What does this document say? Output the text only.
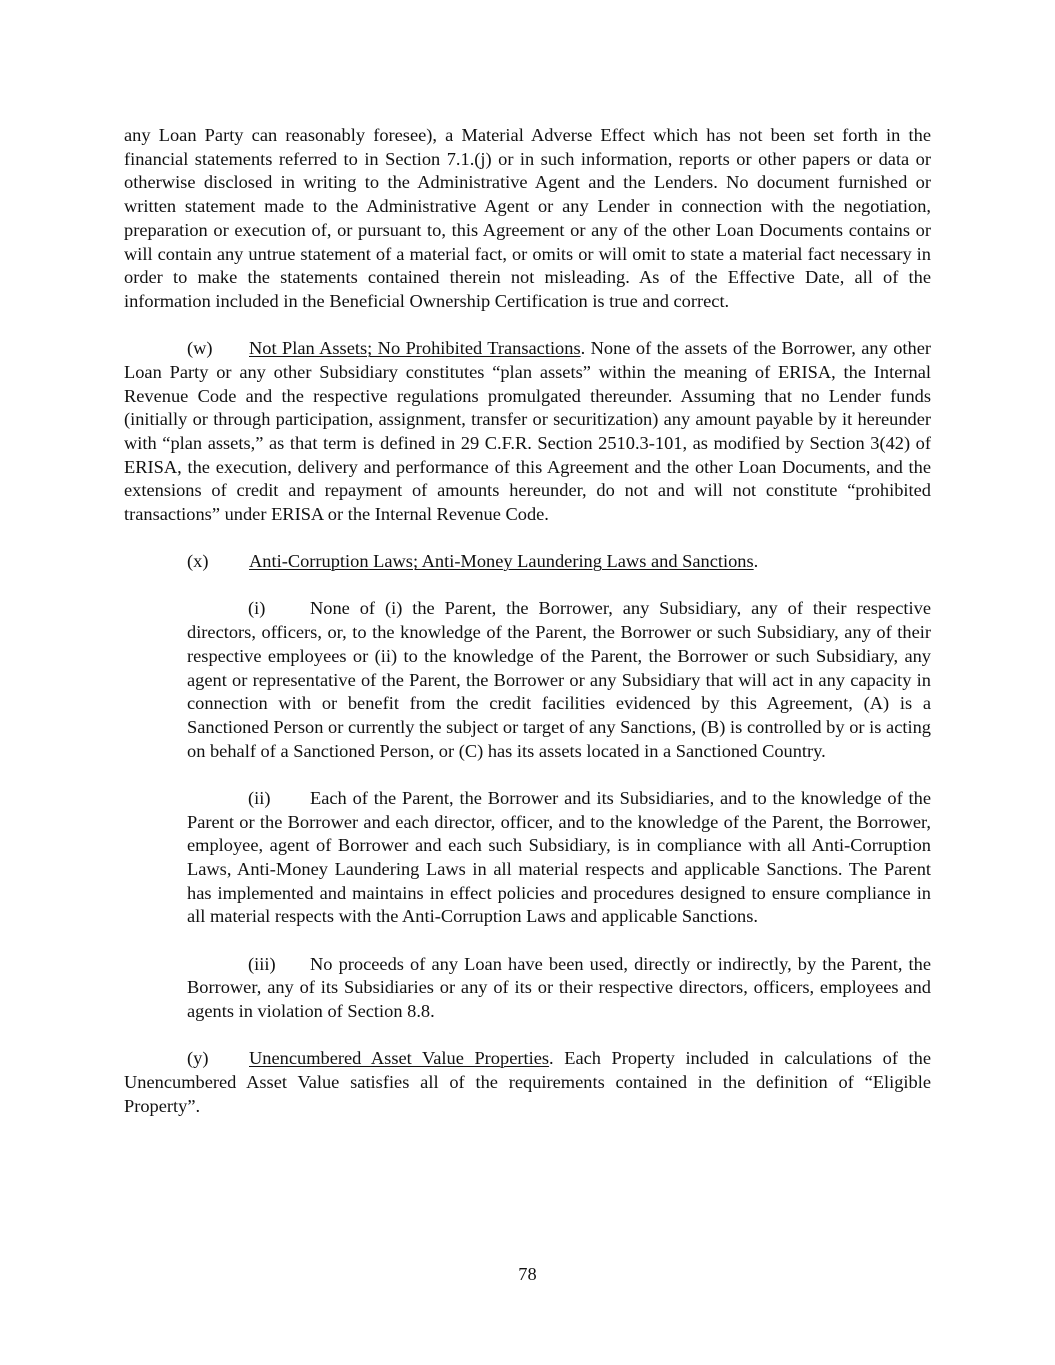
any Loan Party can reasonably foresee), a Material Adverse Effect which has not been set forth in the financial statements referred to in Section 7.1.(j) or in such information, reports or other papers or data or otherwise disclosed in writing to the Administrative Agent and the Lenders. No document furnished or written statement made to the Administrative Agent or any Lender in connection with the negotiation, preparation or execution of, or pursuant to, this Agreement or any of the other Loan Documents contains or will contain any untrue statement of a material fact, or omits or will omit to state a material fact necessary in order to make the statements contained therein not misleading. As of the Effective Date, all of the information included in the Beneficial Ownership Certification is true and correct.

(w) Not Plan Assets; No Prohibited Transactions. None of the assets of the Borrower, any other Loan Party or any other Subsidiary constitutes “plan assets” within the meaning of ERISA, the Internal Revenue Code and the respective regulations promulgated thereunder. Assuming that no Lender funds (initially or through participation, assignment, transfer or securitization) any amount payable by it hereunder with “plan assets,” as that term is defined in 29 C.F.R. Section 2510.3-101, as modified by Section 3(42) of ERISA, the execution, delivery and performance of this Agreement and the other Loan Documents, and the extensions of credit and repayment of amounts hereunder, do not and will not constitute “prohibited transactions” under ERISA or the Internal Revenue Code.

(x) Anti-Corruption Laws; Anti-Money Laundering Laws and Sanctions.

(i) None of (i) the Parent, the Borrower, any Subsidiary, any of their respective directors, officers, or, to the knowledge of the Parent, the Borrower or such Subsidiary, any of their respective employees or (ii) to the knowledge of the Parent, the Borrower or such Subsidiary, any agent or representative of the Parent, the Borrower or any Subsidiary that will act in any capacity in connection with or benefit from the credit facilities evidenced by this Agreement, (A) is a Sanctioned Person or currently the subject or target of any Sanctions, (B) is controlled by or is acting on behalf of a Sanctioned Person, or (C) has its assets located in a Sanctioned Country.

(ii) Each of the Parent, the Borrower and its Subsidiaries, and to the knowledge of the Parent or the Borrower and each director, officer, and to the knowledge of the Parent, the Borrower, employee, agent of Borrower and each such Subsidiary, is in compliance with all Anti-Corruption Laws, Anti-Money Laundering Laws in all material respects and applicable Sanctions. The Parent has implemented and maintains in effect policies and procedures designed to ensure compliance in all material respects with the Anti-Corruption Laws and applicable Sanctions.

(iii) No proceeds of any Loan have been used, directly or indirectly, by the Parent, the Borrower, any of its Subsidiaries or any of its or their respective directors, officers, employees and agents in violation of Section 8.8.

(y) Unencumbered Asset Value Properties. Each Property included in calculations of the Unencumbered Asset Value satisfies all of the requirements contained in the definition of “Eligible Property”.

78
